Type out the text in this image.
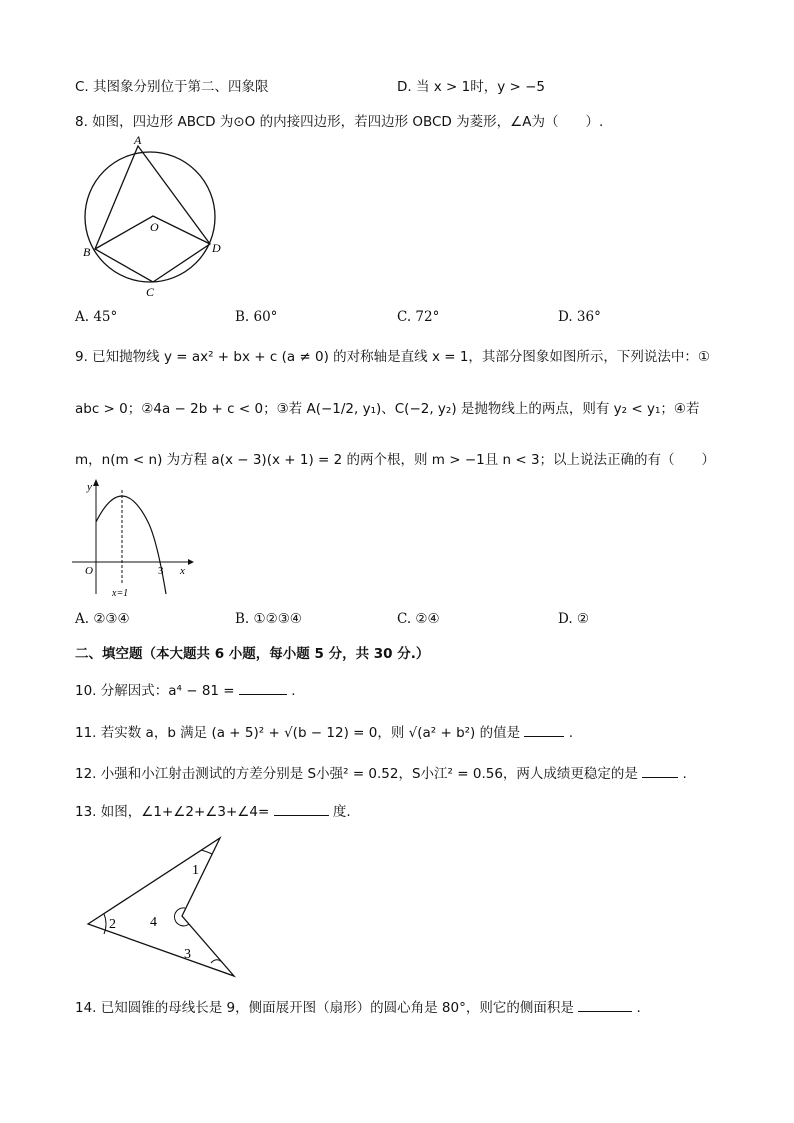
C. 其图象分别位于第二、四象限	D. 当 x > 1时，y > −5
8. 如图，四边形 ABCD 为⊙O 的内接四边形，若四边形 OBCD 为菱形，∠A为（　　）.
A
B
C
D
O
A. 45°	B. 60°	C. 72°	D. 36°
9. 已知抛物线 y = ax² + bx + c (a ≠ 0) 的对称轴是直线 x = 1，其部分图象如图所示，下列说法中：①
abc > 0；②4a − 2b + c < 0；③若 A(−1/2, y₁)、C(−2, y₂) 是抛物线上的两点，则有 y₂ < y₁；④若
m，n(m < n) 为方程 a(x − 3)(x + 1) = 2 的两个根，则 m > −1且 n < 3；以上说法正确的有（　　）
y
x
O	3
x=1
A. ②③④	B. ①②③④	C. ②④	D. ②
二、填空题（本大题共 6 小题，每小题 5 分，共 30 分.）
10. 分解因式：a⁴ − 81 =	.
11. 若实数 a，b 满足 (a + 5)² + √(b − 12) = 0，则 √(a² + b²) 的值是	.
12. 小强和小江射击测试的方差分别是 S小强² = 0.52，S小江² = 0.56，两人成绩更稳定的是	.
13. 如图，∠1+∠2+∠3+∠4=	度.
1
2
3
4
14. 已知圆锥的母线长是 9，侧面展开图（扇形）的圆心角是 80°，则它的侧面积是	.
